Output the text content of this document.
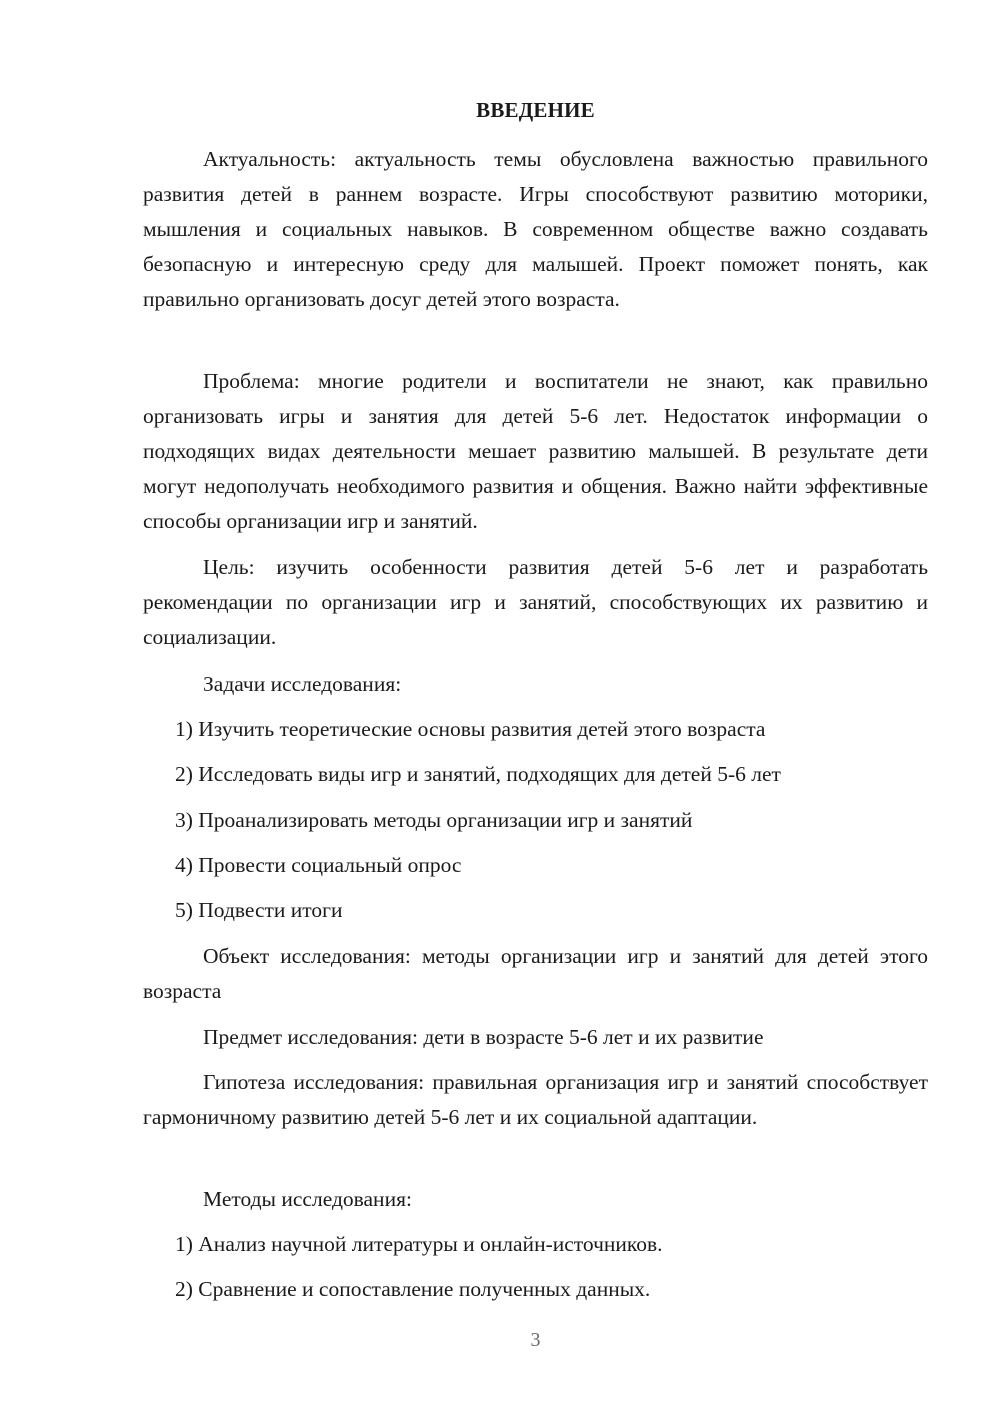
ВВЕДЕНИЕ

Актуальность: актуальность темы обусловлена важностью правильного развития детей в раннем возрасте. Игры способствуют развитию моторики, мышления и социальных навыков. В современном обществе важно создавать безопасную и интересную среду для малышей. Проект поможет понять, как правильно организовать досуг детей этого возраста.

Проблема: многие родители и воспитатели не знают, как правильно организовать игры и занятия для детей 5-6 лет. Недостаток информации о подходящих видах деятельности мешает развитию малышей. В результате дети могут недополучать необходимого развития и общения. Важно найти эффективные способы организации игр и занятий.

Цель: изучить особенности развития детей 5-6 лет и разработать рекомендации по организации игр и занятий, способствующих их развитию и социализации.

Задачи исследования:
1) Изучить теоретические основы развития детей этого возраста
2) Исследовать виды игр и занятий, подходящих для детей 5-6 лет
3) Проанализировать методы организации игр и занятий
4) Провести социальный опрос
5) Подвести итоги

Объект исследования: методы организации игр и занятий для детей этого возраста

Предмет исследования: дети в возрасте 5-6 лет и их развитие

Гипотеза исследования: правильная организация игр и занятий способствует гармоничному развитию детей 5-6 лет и их социальной адаптации.

Методы исследования:
1) Анализ научной литературы и онлайн-источников.
2) Сравнение и сопоставление полученных данных.
3
